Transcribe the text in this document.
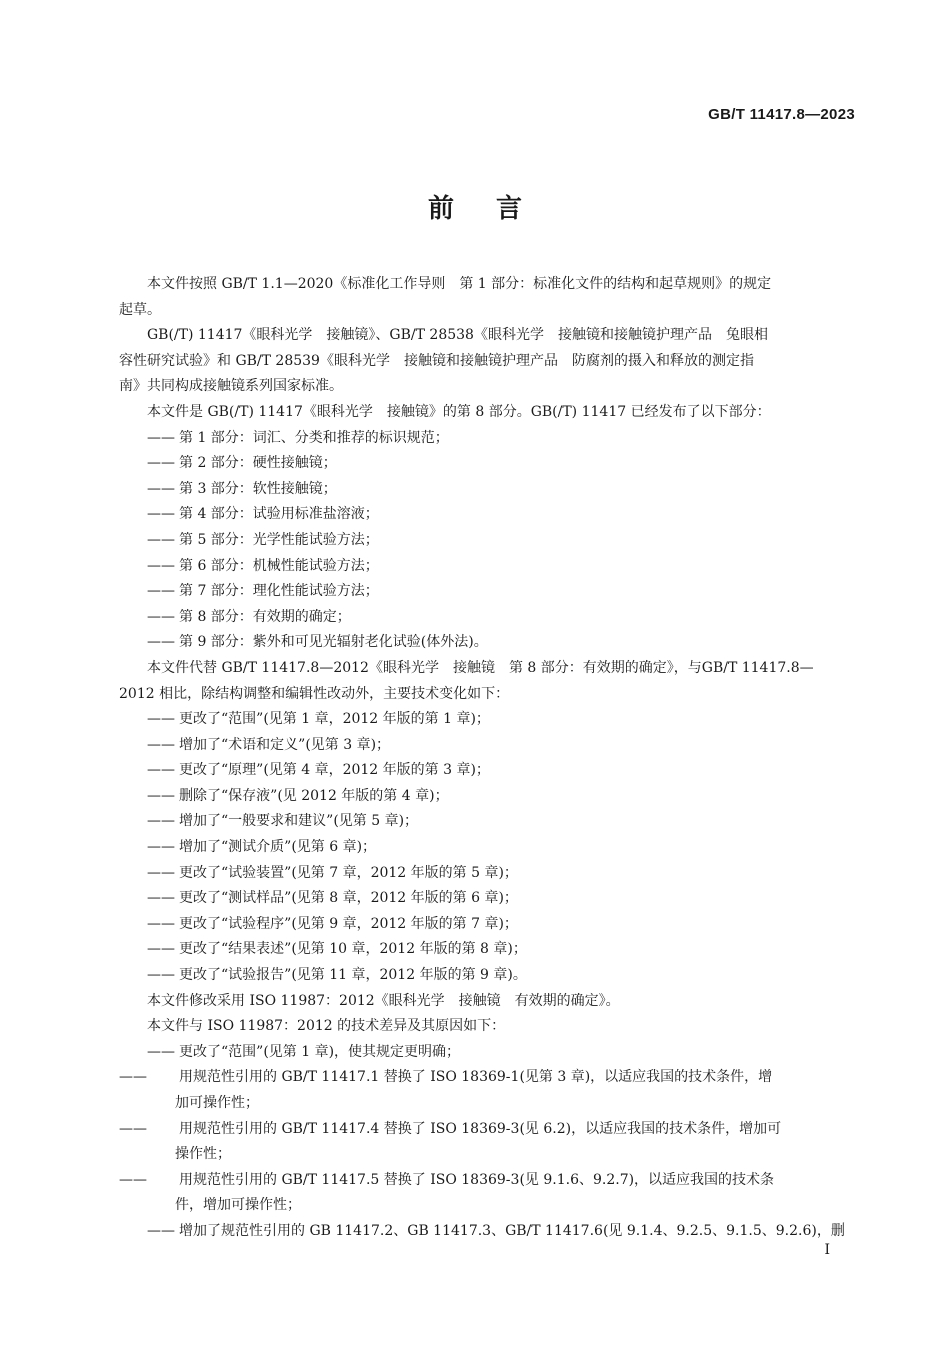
GB/T 11417.8—2023
前言
本文件按照 GB/T 1.1—2020《标准化工作导则　第 1 部分：标准化文件的结构和起草规则》的规定
起草。
GB(/T) 11417《眼科光学　接触镜》、GB/T 28538《眼科光学　接触镜和接触镜护理产品　兔眼相
容性研究试验》和 GB/T 28539《眼科光学　接触镜和接触镜护理产品　防腐剂的摄入和释放的测定指
南》共同构成接触镜系列国家标准。
本文件是 GB(/T) 11417《眼科光学　接触镜》的第 8 部分。GB(/T) 11417 已经发布了以下部分：
—— 第 1 部分：词汇、分类和推荐的标识规范；
—— 第 2 部分：硬性接触镜；
—— 第 3 部分：软性接触镜；
—— 第 4 部分：试验用标准盐溶液；
—— 第 5 部分：光学性能试验方法；
—— 第 6 部分：机械性能试验方法；
—— 第 7 部分：理化性能试验方法；
—— 第 8 部分：有效期的确定；
—— 第 9 部分：紫外和可见光辐射老化试验(体外法)。
本文件代替 GB/T 11417.8—2012《眼科光学　接触镜　第 8 部分：有效期的确定》，与GB/T 11417.8—
2012 相比，除结构调整和编辑性改动外，主要技术变化如下：
—— 更改了“范围”(见第 1 章，2012 年版的第 1 章)；
—— 增加了“术语和定义”(见第 3 章)；
—— 更改了“原理”(见第 4 章，2012 年版的第 3 章)；
—— 删除了“保存液”(见 2012 年版的第 4 章)；
—— 增加了“一般要求和建议”(见第 5 章)；
—— 增加了“测试介质”(见第 6 章)；
—— 更改了“试验装置”(见第 7 章，2012 年版的第 5 章)；
—— 更改了“测试样品”(见第 8 章，2012 年版的第 6 章)；
—— 更改了“试验程序”(见第 9 章，2012 年版的第 7 章)；
—— 更改了“结果表述”(见第 10 章，2012 年版的第 8 章)；
—— 更改了“试验报告”(见第 11 章，2012 年版的第 9 章)。
本文件修改采用 ISO 11987：2012《眼科光学　接触镜　有效期的确定》。
本文件与 ISO 11987：2012 的技术差异及其原因如下：
—— 更改了“范围”(见第 1 章)，使其规定更明确；
—— 用规范性引用的 GB/T 11417.1 替换了 ISO 18369-1(见第 3 章)，以适应我国的技术条件，增
加可操作性；
—— 用规范性引用的 GB/T 11417.4 替换了 ISO 18369-3(见 6.2)，以适应我国的技术条件，增加可
操作性；
—— 用规范性引用的 GB/T 11417.5 替换了 ISO 18369-3(见 9.1.6、9.2.7)，以适应我国的技术条
件，增加可操作性；
—— 增加了规范性引用的 GB 11417.2、GB 11417.3、GB/T 11417.6(见 9.1.4、9.2.5、9.1.5、9.2.6)，删
I
